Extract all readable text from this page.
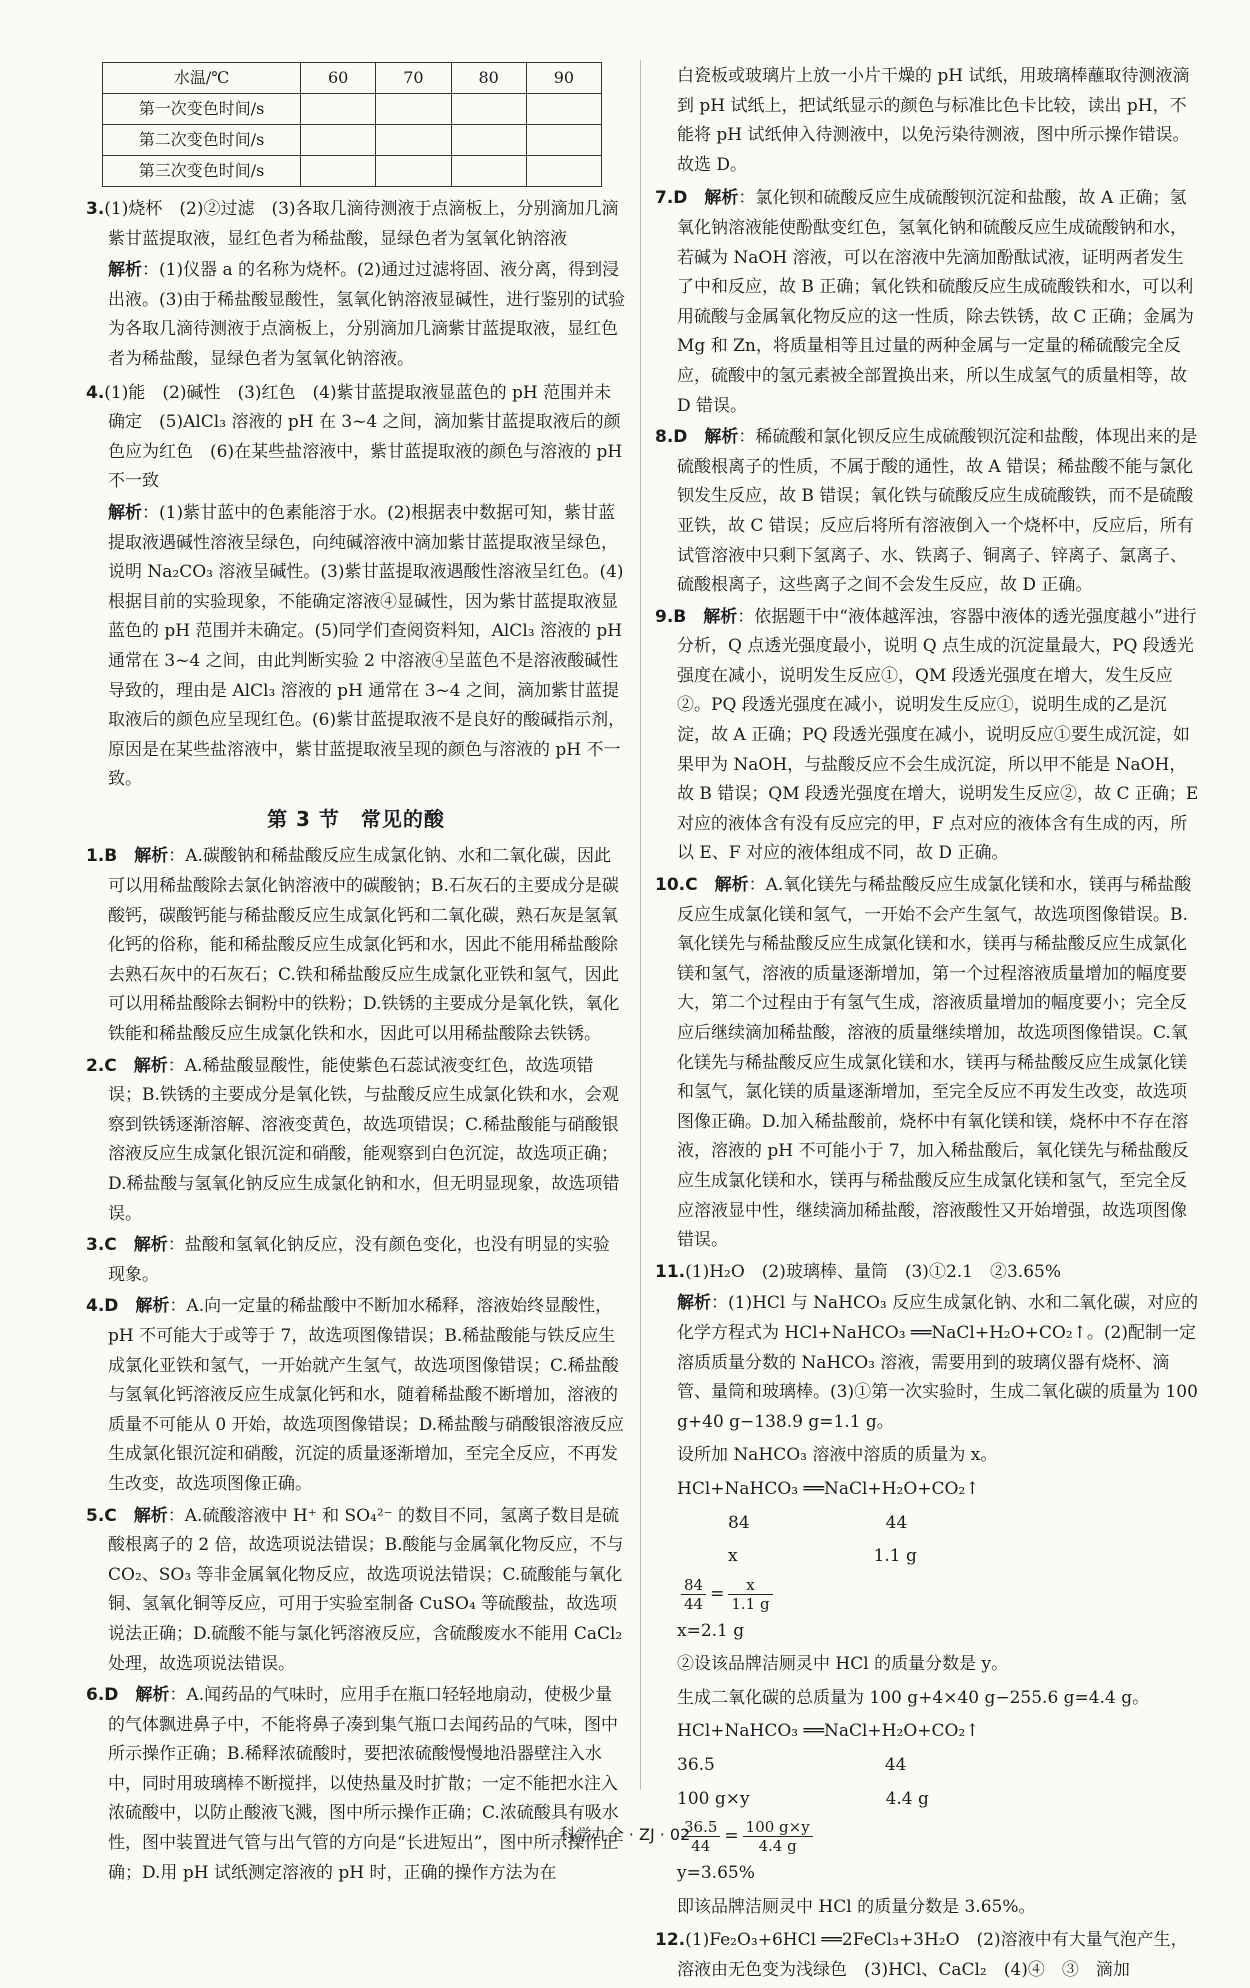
水温/℃	60	70	80	90
第一次变色时间/s				
第二次变色时间/s				
第三次变色时间/s				

3.(1)烧杯　(2)②过滤　(3)各取几滴待测液于点滴板上，分别滴加几滴紫甘蓝提取液，显红色者为稀盐酸，显绿色者为氢氧化钠溶液

解析：(1)仪器 a 的名称为烧杯。(2)通过过滤将固、液分离，得到浸出液。(3)由于稀盐酸显酸性，氢氧化钠溶液显碱性，进行鉴别的试验为各取几滴待测液于点滴板上，分别滴加几滴紫甘蓝提取液，显红色者为稀盐酸，显绿色者为氢氧化钠溶液。

4.(1)能　(2)碱性　(3)红色　(4)紫甘蓝提取液显蓝色的 pH 范围并未确定　(5)AlCl₃ 溶液的 pH 在 3~4 之间，滴加紫甘蓝提取液后的颜色应为红色　(6)在某些盐溶液中，紫甘蓝提取液的颜色与溶液的 pH 不一致

解析：(1)紫甘蓝中的色素能溶于水。(2)根据表中数据可知，紫甘蓝提取液遇碱性溶液呈绿色，向纯碱溶液中滴加紫甘蓝提取液呈绿色，说明 Na₂CO₃ 溶液呈碱性。(3)紫甘蓝提取液遇酸性溶液呈红色。(4)根据目前的实验现象，不能确定溶液④显碱性，因为紫甘蓝提取液显蓝色的 pH 范围并未确定。(5)同学们查阅资料知，AlCl₃ 溶液的 pH 通常在 3~4 之间，由此判断实验 2 中溶液④呈蓝色不是溶液酸碱性导致的，理由是 AlCl₃ 溶液的 pH 通常在 3~4 之间，滴加紫甘蓝提取液后的颜色应呈现红色。(6)紫甘蓝提取液不是良好的酸碱指示剂，原因是在某些盐溶液中，紫甘蓝提取液呈现的颜色与溶液的 pH 不一致。

第 3 节　常见的酸

1.B　解析：A.碳酸钠和稀盐酸反应生成氯化钠、水和二氧化碳，因此可以用稀盐酸除去氯化钠溶液中的碳酸钠；B.石灰石的主要成分是碳酸钙，碳酸钙能与稀盐酸反应生成氯化钙和二氧化碳，熟石灰是氢氧化钙的俗称，能和稀盐酸反应生成氯化钙和水，因此不能用稀盐酸除去熟石灰中的石灰石；C.铁和稀盐酸反应生成氯化亚铁和氢气，因此可以用稀盐酸除去铜粉中的铁粉；D.铁锈的主要成分是氧化铁，氧化铁能和稀盐酸反应生成氯化铁和水，因此可以用稀盐酸除去铁锈。

2.C　解析：A.稀盐酸显酸性，能使紫色石蕊试液变红色，故选项错误；B.铁锈的主要成分是氧化铁，与盐酸反应生成氯化铁和水，会观察到铁锈逐渐溶解、溶液变黄色，故选项错误；C.稀盐酸能与硝酸银溶液反应生成氯化银沉淀和硝酸，能观察到白色沉淀，故选项正确；D.稀盐酸与氢氧化钠反应生成氯化钠和水，但无明显现象，故选项错误。

3.C　解析：盐酸和氢氧化钠反应，没有颜色变化，也没有明显的实验现象。

4.D　解析：A.向一定量的稀盐酸中不断加水稀释，溶液始终显酸性，pH 不可能大于或等于 7，故选项图像错误；B.稀盐酸能与铁反应生成氯化亚铁和氢气，一开始就产生氢气，故选项图像错误；C.稀盐酸与氢氧化钙溶液反应生成氯化钙和水，随着稀盐酸不断增加，溶液的质量不可能从 0 开始，故选项图像错误；D.稀盐酸与硝酸银溶液反应生成氯化银沉淀和硝酸，沉淀的质量逐渐增加，至完全反应，不再发生改变，故选项图像正确。

5.C　解析：A.硫酸溶液中 H⁺ 和 SO₄²⁻ 的数目不同，氢离子数目是硫酸根离子的 2 倍，故选项说法错误；B.酸能与金属氧化物反应，不与 CO₂、SO₃ 等非金属氧化物反应，故选项说法错误；C.硫酸能与氧化铜、氢氧化铜等反应，可用于实验室制备 CuSO₄ 等硫酸盐，故选项说法正确；D.硫酸不能与氯化钙溶液反应，含硫酸废水不能用 CaCl₂ 处理，故选项说法错误。

6.D　解析：A.闻药品的气味时，应用手在瓶口轻轻地扇动，使极少量的气体飘进鼻子中，不能将鼻子凑到集气瓶口去闻药品的气味，图中所示操作正确；B.稀释浓硫酸时，要把浓硫酸慢慢地沿器壁注入水中，同时用玻璃棒不断搅拌，以使热量及时扩散；一定不能把水注入浓硫酸中，以防止酸液飞溅，图中所示操作正确；C.浓硫酸具有吸水性，图中装置进气管与出气管的方向是“长进短出”，图中所示操作正确；D.用 pH 试纸测定溶液的 pH 时，正确的操作方法为在

白瓷板或玻璃片上放一小片干燥的 pH 试纸，用玻璃棒蘸取待测液滴到 pH 试纸上，把试纸显示的颜色与标准比色卡比较，读出 pH，不能将 pH 试纸伸入待测液中，以免污染待测液，图中所示操作错误。故选 D。

7.D　解析：氯化钡和硫酸反应生成硫酸钡沉淀和盐酸，故 A 正确；氢氧化钠溶液能使酚酞变红色，氢氧化钠和硫酸反应生成硫酸钠和水，若碱为 NaOH 溶液，可以在溶液中先滴加酚酞试液，证明两者发生了中和反应，故 B 正确；氧化铁和硫酸反应生成硫酸铁和水，可以利用硫酸与金属氧化物反应的这一性质，除去铁锈，故 C 正确；金属为 Mg 和 Zn，将质量相等且过量的两种金属与一定量的稀硫酸完全反应，硫酸中的氢元素被全部置换出来，所以生成氢气的质量相等，故 D 错误。

8.D　解析：稀硫酸和氯化钡反应生成硫酸钡沉淀和盐酸，体现出来的是硫酸根离子的性质，不属于酸的通性，故 A 错误；稀盐酸不能与氯化钡发生反应，故 B 错误；氧化铁与硫酸反应生成硫酸铁，而不是硫酸亚铁，故 C 错误；反应后将所有溶液倒入一个烧杯中，反应后，所有试管溶液中只剩下氢离子、水、铁离子、铜离子、锌离子、氯离子、硫酸根离子，这些离子之间不会发生反应，故 D 正确。

9.B　解析：依据题干中“液体越浑浊，容器中液体的透光强度越小”进行分析，Q 点透光强度最小，说明 Q 点生成的沉淀量最大，PQ 段透光强度在减小，说明发生反应①，QM 段透光强度在增大，发生反应②。PQ 段透光强度在减小，说明发生反应①，说明生成的乙是沉淀，故 A 正确；PQ 段透光强度在减小，说明反应①要生成沉淀，如果甲为 NaOH，与盐酸反应不会生成沉淀，所以甲不能是 NaOH，故 B 错误；QM 段透光强度在增大，说明发生反应②，故 C 正确；E 对应的液体含有没有反应完的甲，F 点对应的液体含有生成的丙，所以 E、F 对应的液体组成不同，故 D 正确。

10.C　解析：A.氧化镁先与稀盐酸反应生成氯化镁和水，镁再与稀盐酸反应生成氯化镁和氢气，一开始不会产生氢气，故选项图像错误。B.氧化镁先与稀盐酸反应生成氯化镁和水，镁再与稀盐酸反应生成氯化镁和氢气，溶液的质量逐渐增加，第一个过程溶液质量增加的幅度要大，第二个过程由于有氢气生成，溶液质量增加的幅度要小；完全反应后继续滴加稀盐酸，溶液的质量继续增加，故选项图像错误。C.氧化镁先与稀盐酸反应生成氯化镁和水，镁再与稀盐酸反应生成氯化镁和氢气，氯化镁的质量逐渐增加，至完全反应不再发生改变，故选项图像正确。D.加入稀盐酸前，烧杯中有氧化镁和镁，烧杯中不存在溶液，溶液的 pH 不可能小于 7，加入稀盐酸后，氧化镁先与稀盐酸反应生成氯化镁和水，镁再与稀盐酸反应生成氯化镁和氢气，至完全反应溶液显中性，继续滴加稀盐酸，溶液酸性又开始增强，故选项图像错误。

11.(1)H₂O　(2)玻璃棒、量筒　(3)①2.1　②3.65%

解析：(1)HCl 与 NaHCO₃ 反应生成氯化钠、水和二氧化碳，对应的化学方程式为 HCl+NaHCO₃ ══NaCl+H₂O+CO₂↑。(2)配制一定溶质质量分数的 NaHCO₃ 溶液，需要用到的玻璃仪器有烧杯、滴管、量筒和玻璃棒。(3)①第一次实验时，生成二氧化碳的质量为 100 g+40 g−138.9 g=1.1 g。

设所加 NaHCO₃ 溶液中溶质的质量为 x。

HCl+NaHCO₃ ══NaCl+H₂O+CO₂↑

　　　84　　　　　　　　44

　　　x　　　　　　　　1.1 g

$\frac{84}{44} = \frac{x}{1.1 g}$

x=2.1 g

②设该品牌洁厕灵中 HCl 的质量分数是 y。

生成二氧化碳的总质量为 100 g+4×40 g−255.6 g=4.4 g。

HCl+NaHCO₃ ══NaCl+H₂O+CO₂↑

36.5　　　　　　　　　　44

100 g×y　　　　　　　　4.4 g

$\frac{36.5}{44} = \frac{100 g\times y}{4.4 g}$

y=3.65%

即该品牌洁厕灵中 HCl 的质量分数是 3.65%。

12.(1)Fe₂O₃+6HCl ══2FeCl₃+3H₂O　(2)溶液中有大量气泡产生，溶液由无色变为浅绿色　(3)HCl、CaCl₂　(4)④　③　滴加

科学九全 · ZJ · 02
